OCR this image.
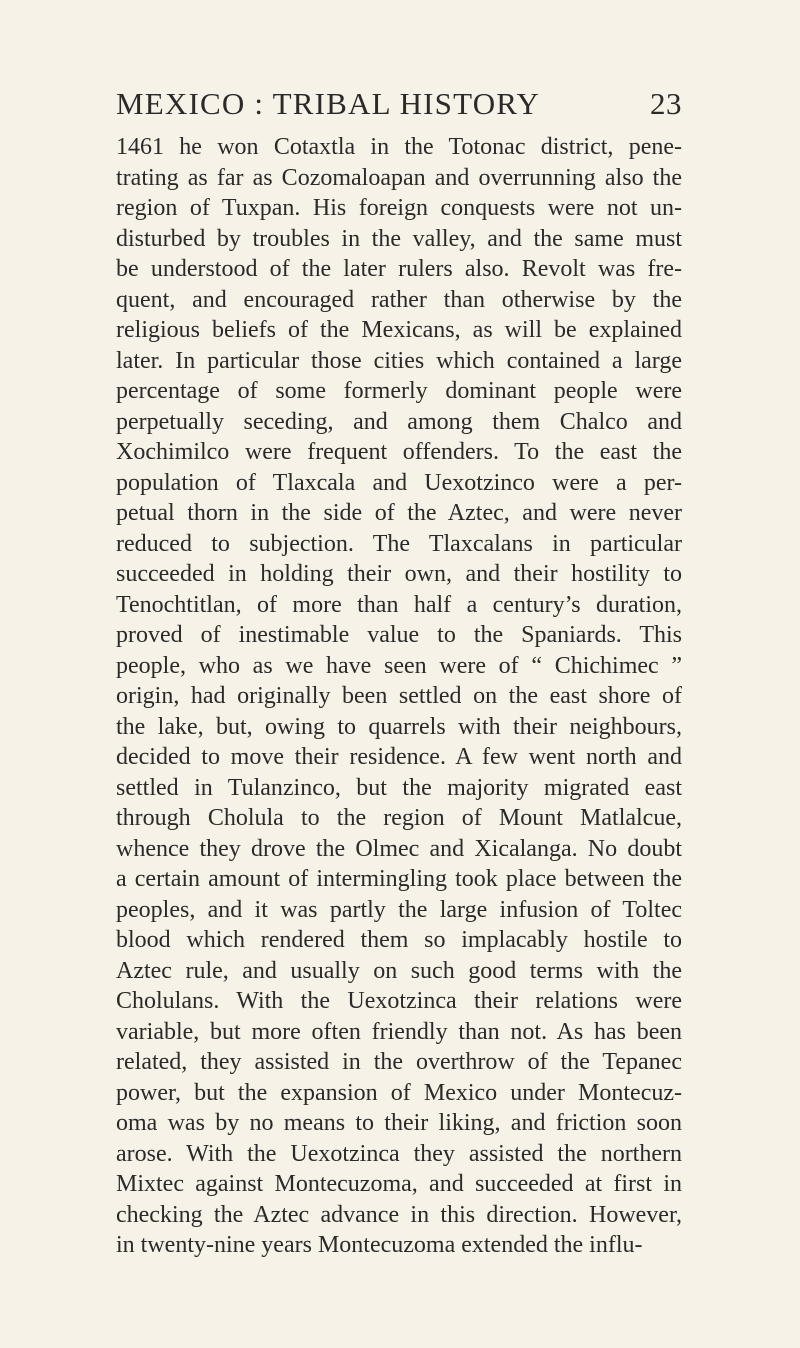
MEXICO : TRIBAL HISTORY	23
1461 he won Cotaxtla in the Totonac district, pene-
trating as far as Cozomaloapan and overrunning also the
region of Tuxpan. His foreign conquests were not un-
disturbed by troubles in the valley, and the same must
be understood of the later rulers also. Revolt was fre-
quent, and encouraged rather than otherwise by the
religious beliefs of the Mexicans, as will be explained
later. In particular those cities which contained a large
percentage of some formerly dominant people were
perpetually seceding, and among them Chalco and
Xochimilco were frequent offenders. To the east the
population of Tlaxcala and Uexotzinco were a per-
petual thorn in the side of the Aztec, and were never
reduced to subjection. The Tlaxcalans in particular
succeeded in holding their own, and their hostility to
Tenochtitlan, of more than half a century’s duration,
proved of inestimable value to the Spaniards. This
people, who as we have seen were of “ Chichimec ”
origin, had originally been settled on the east shore of
the lake, but, owing to quarrels with their neighbours,
decided to move their residence. A few went north and
settled in Tulanzinco, but the majority migrated east
through Cholula to the region of Mount Matlalcue,
whence they drove the Olmec and Xicalanga. No doubt
a certain amount of intermingling took place between the
peoples, and it was partly the large infusion of Toltec
blood which rendered them so implacably hostile to
Aztec rule, and usually on such good terms with the
Cholulans. With the Uexotzinca their relations were
variable, but more often friendly than not. As has been
related, they assisted in the overthrow of the Tepanec
power, but the expansion of Mexico under Montecuz-
oma was by no means to their liking, and friction soon
arose. With the Uexotzinca they assisted the northern
Mixtec against Montecuzoma, and succeeded at first in
checking the Aztec advance in this direction. However,
in twenty-nine years Montecuzoma extended the influ-
